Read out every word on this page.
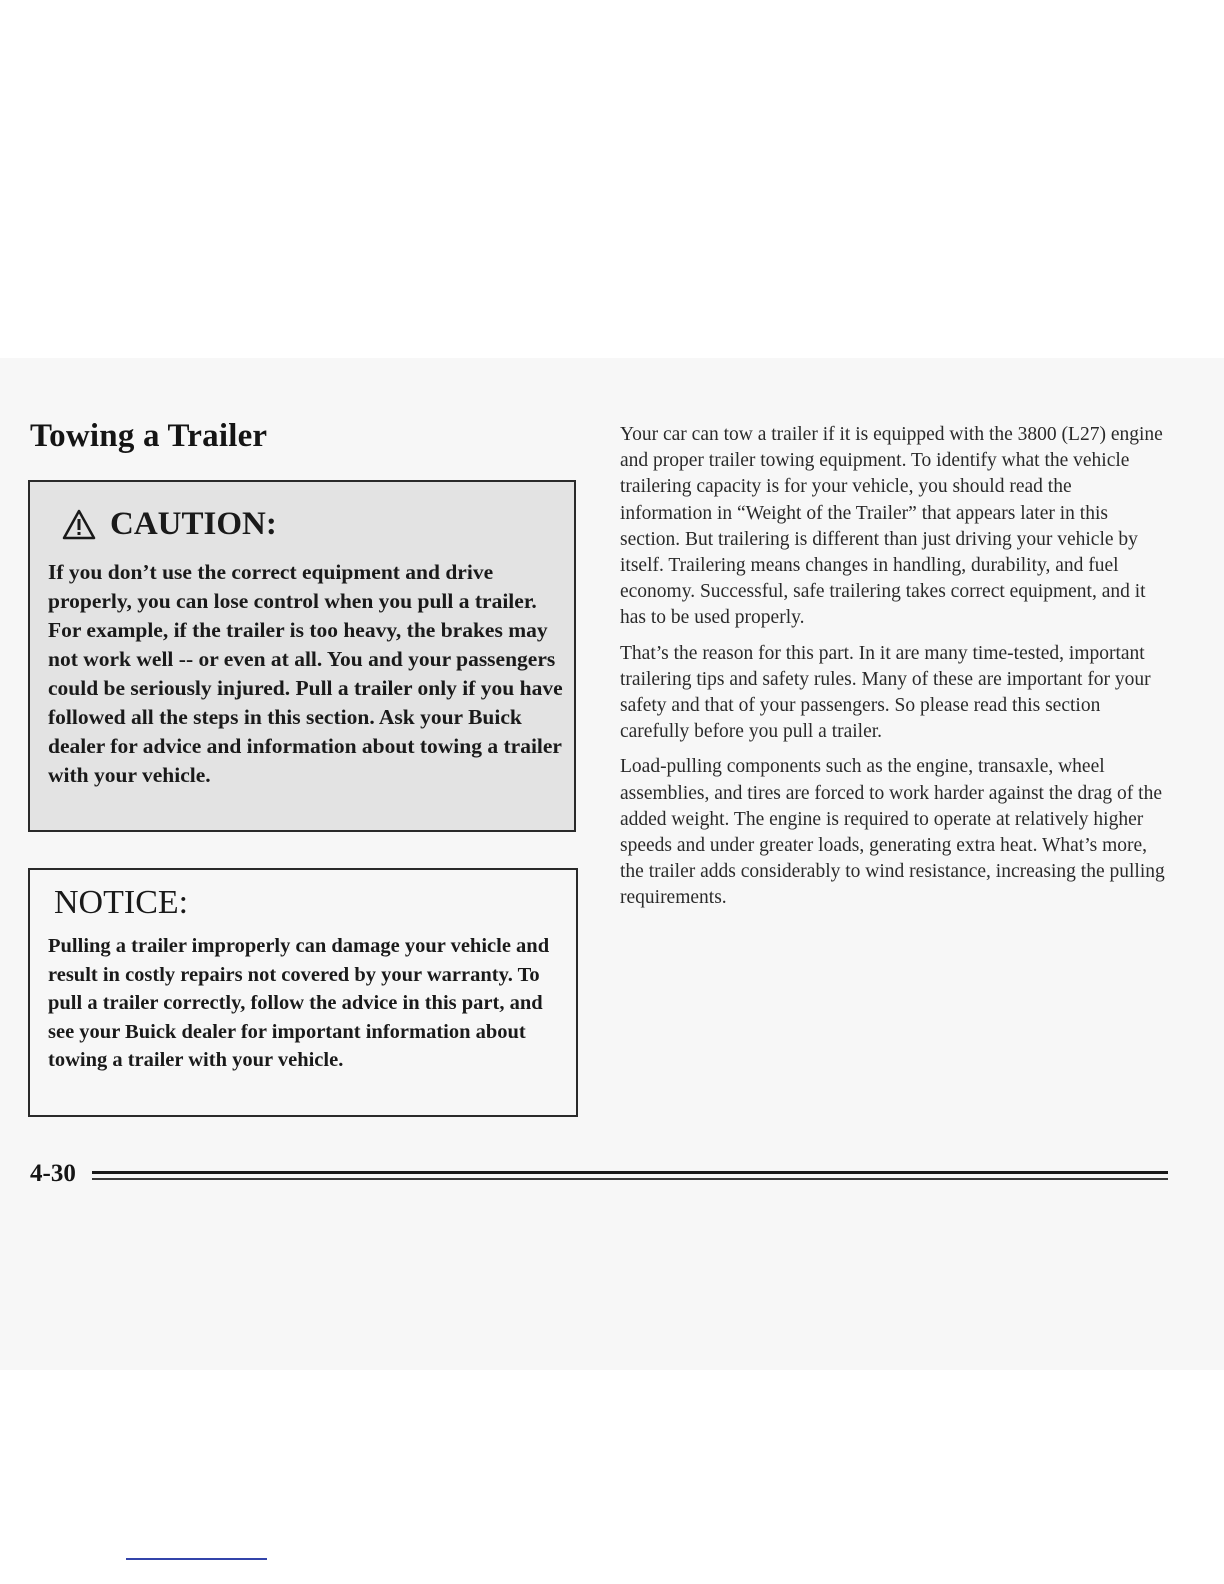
Towing a Trailer
CAUTION:

If you don’t use the correct equipment and drive properly, you can lose control when you pull a trailer. For example, if the trailer is too heavy, the brakes may not work well -- or even at all. You and your passengers could be seriously injured. Pull a trailer only if you have followed all the steps in this section. Ask your Buick dealer for advice and information about towing a trailer with your vehicle.

NOTICE:

Pulling a trailer improperly can damage your vehicle and result in costly repairs not covered by your warranty. To pull a trailer correctly, follow the advice in this part, and see your Buick dealer for important information about towing a trailer with your vehicle.

Your car can tow a trailer if it is equipped with the 3800 (L27) engine and proper trailer towing equipment. To identify what the vehicle trailering capacity is for your vehicle, you should read the information in “Weight of the Trailer” that appears later in this section. But trailering is different than just driving your vehicle by itself. Trailering means changes in handling, durability, and fuel economy. Successful, safe trailering takes correct equipment, and it has to be used properly.

That’s the reason for this part. In it are many time-tested, important trailering tips and safety rules. Many of these are important for your safety and that of your passengers. So please read this section carefully before you pull a trailer.

Load-pulling components such as the engine, transaxle, wheel assemblies, and tires are forced to work harder against the drag of the added weight. The engine is required to operate at relatively higher speeds and under greater loads, generating extra heat. What’s more, the trailer adds considerably to wind resistance, increasing the pulling requirements.

4-30
